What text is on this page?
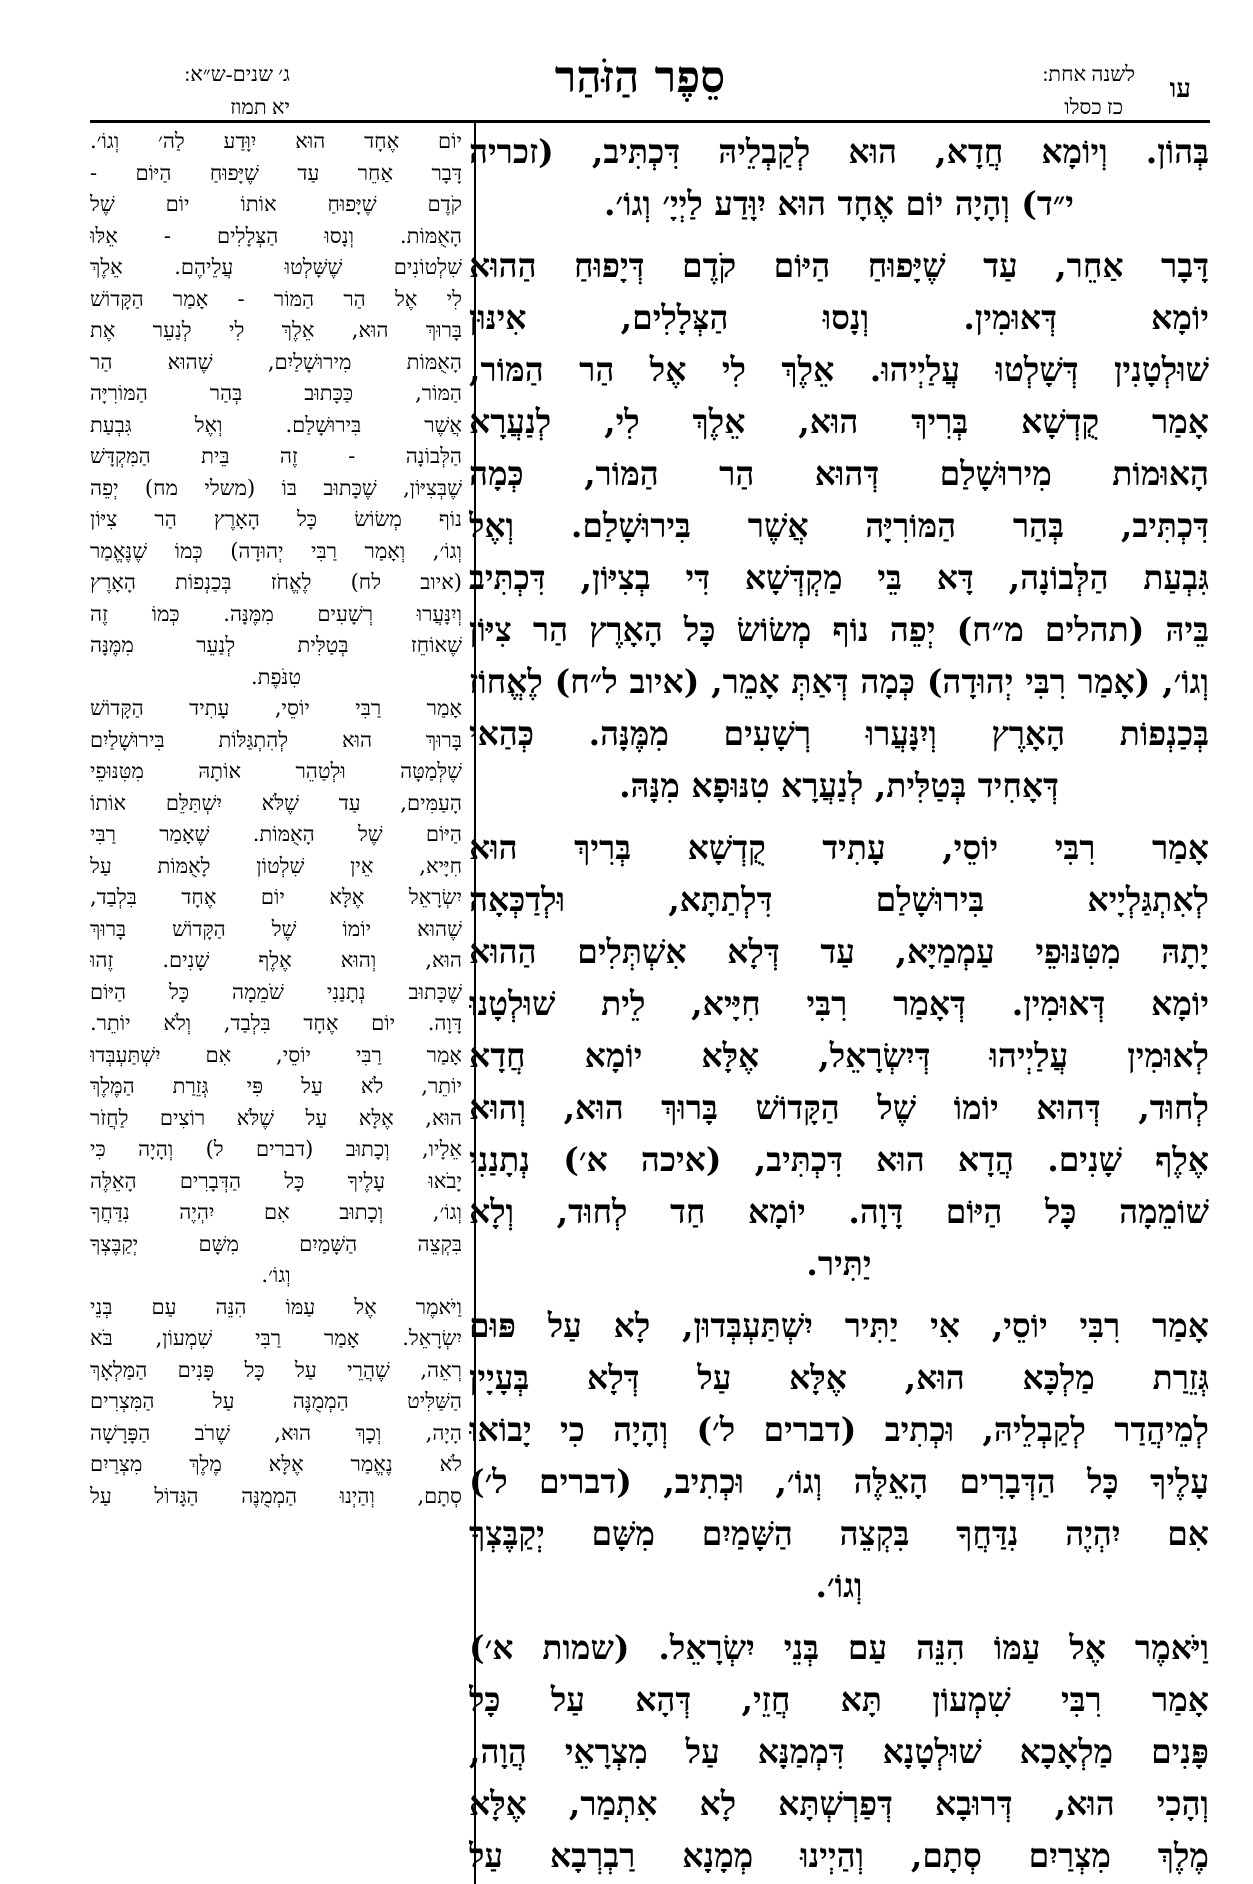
עו
לשנה אחת:
כז כסלו
סֵפֶר הַזֹּהַר
ג׳ שנים-ש״א:
יא תמוז
בְּהוֹן. וְיוֹמָא חֲדָא, הוּא לְקַבְלֵיהּ דִּכְתִּיב, (זכריה
י״ד) וְהָיָה יוֹם אֶחָד הוּא יִוָּדַע לַיְיָ׳ וְגוֹ׳.
דָּבָר אַחֵר, עַד שֶׁיָּפוּחַ הַיּוֹם קֹדֶם דְּיָפוּחַ הַהוּא
יוֹמָא דְּאוּמִין. וְנָסוּ הַצְּלָלִים, אִינּוּן
שׁוּלְטָנִין דְּשָׁלְטוּ עֲלַיְיהוּ. אֵלֶךְ לִי אֶל הַר הַמּוֹר,
אָמַר קֻדְשָׁא בְּרִיךְ הוּא, אֵלֶךְ לִי, לְנַעֲרָא
הָאוּמוֹת מִירוּשָׁלַם דְּהוּא הַר הַמּוֹר, כְּמָה
דִּכְתִּיב, בְּהַר הַמּוֹרִיָּה אֲשֶׁר בִּירוּשָׁלַם. וְאֶל
גִּבְעַת הַלְּבוֹנָה, דָּא בֵּי מַקְדְּשָׁא דִּי בְצִיּוֹן, דִּכְתִּיב
בֵּיהּ (תהלים מ״ח) יְפֵה נוֹף מְשׂוֹשׂ כָּל הָאָרֶץ הַר צִיּוֹן
וְגוֹ׳, (אָמַר רִבִּי יְהוּדָה) כְּמָה דְּאַתְּ אָמֵר, (איוב ל״ח) לֶאֱחוֹז
בְּכַנְפוֹת הָאָרֶץ וְיִנָּעֲרוּ רְשָׁעִים מִמֶּנָּה. כְּהַאי
דְּאָחִיד בְּטַלִּית, לְנַעֲרָא טִנּוּפָא מִנָּהּ.
אָמַר רִבִּי יוֹסֵי, עָתִיד קֻדְשָׁא בְּרִיךְ הוּא
לְאִתְגַּלְיָיא בִּירוּשָׁלַם דִּלְתַתָּא, וּלְדַכְּאָה
יָתָהּ מִטִּנּוּפֵי עַמְמַיָּא, עַד דְּלָא אִשְׁתְּלִים הַהוּא
יוֹמָא דְּאוּמִין. דְּאָמַר רִבִּי חִיָּיא, לֵית שׁוּלְטָנוּ
לְאוּמִין עֲלַיְיהוּ דְּיִשְׂרָאֵל, אֶלָּא יוֹמָא חֲדָא
לְחוּד, דְּהוּא יוֹמוֹ שֶׁל הַקָּדוֹשׁ בָּרוּךְ הוּא, וְהוּא
אֶלֶף שָׁנִים. הֲדָא הוּא דִּכְתִּיב, (איכה א׳) נְתָנַנִי
שׁוֹמֵמָה כָּל הַיּוֹם דָּוָה. יוֹמָא חַד לְחוּד, וְלָא
יַתִּיר.
אָמַר רִבִּי יוֹסֵי, אִי יַתִּיר יִשְׁתַּעְבְּדוּן, לָא עַל פּוּם
גְּזֵרַת מַלְכָּא הוּא, אֶלָּא עַל דְּלָא בְּעָיָין
לְמֵיהֲדַר לְקַבְלֵיהּ, וּכְתִיב (דברים ל׳) וְהָיָה כִי יָבוֹאוּ
עָלֶיךָ כָּל הַדְּבָרִים הָאֵלֶּה וְגוֹ׳, וּכְתִיב, (דברים ל׳)
אִם יִהְיֶה נִדַּחֲךָ בִּקְצֵה הַשָּׁמַיִם מִשָּׁם יְקַבֶּצְךָ
וְגוֹ׳.
וַיֹּאמֶר אֶל עַמּוֹ הִנֵּה עַם בְּנֵי יִשְׂרָאֵל. (שמות א׳)
אָמַר רִבִּי שִׁמְעוֹן תָּא חֲזֵי, דְּהָא עַל כָּל
פָּנִים מַלְאָכָא שׁוּלְטָנָא דִּמְמַנָּא עַל מִצְרָאֵי הֲוָה,
וְהָכִי הוּא, דְּרוּבָא דְּפַרְשְׁתָּא לָא אִתְמַר, אֶלָּא
מֶלֶךְ מִצְרַיִם סְתָם, וְהַיְינוּ מְמָנָא רַבְרְבָא עַל
יוֹם אֶחָד הוּא יִוָּדַע לַה׳ וְגוֹ׳.
דָּבָר אַחֵר עַד שֶׁיָּפוּחַ הַיּוֹם -
קֹדֶם שֶׁיָּפוּחַ אוֹתוֹ יוֹם שֶׁל
הָאֻמּוֹת. וְנָסוּ הַצְּלָלִים - אֵלּוּ
שִׁלְטוֹנִים שֶׁשָּׁלְטוּ עֲלֵיהֶם. אֵלֶךְ
לִי אֶל הַר הַמּוֹר - אָמַר הַקָּדוֹשׁ
בָּרוּךְ הוּא, אֵלֶךְ לִי לְנַעֵר אֶת
הָאֻמּוֹת מִירוּשָׁלַיִם, שֶׁהוּא הַר
הַמּוֹר, כַּכָּתוּב בְּהַר הַמּוֹרִיָּה
אֲשֶׁר בִּירוּשָׁלַם. וְאֶל גִּבְעַת
הַלְּבוֹנָה - זֶה בֵּית הַמִּקְדָּשׁ
שֶׁבְּצִיּוֹן, שֶׁכָּתוּב בּוֹ (משלי מח) יְפֵה
נוֹף מְשׂוֹשׂ כָּל הָאָרֶץ הַר צִיּוֹן
וְגוֹ׳, וְאָמַר רַבִּי יְהוּדָה) כְּמוֹ שֶׁנֶּאֱמַר
(איוב לח) לֶאֱחֹז בְּכַנְפוֹת הָאָרֶץ
וְיִנָּעֲרוּ רְשָׁעִים מִמֶּנָּה. כְּמוֹ זֶה
שֶׁאוֹחֵז בְּטַלִּית לְנַעֵר מִמֶּנָּה
טִנֹּפֶת.
אָמַר רַבִּי יוֹסֵי, עָתִיד הַקָּדוֹשׁ
בָּרוּךְ הוּא לְהִתְגַּלּוֹת בִּירוּשָׁלַיִם
שֶׁלְּמַטָּה וּלְטַהֵר אוֹתָהּ מִטִּנּוּפֵי
הָעַמִּים, עַד שֶׁלֹּא יִשְׁתַּלֵּם אוֹתוֹ
הַיּוֹם שֶׁל הָאֻמּוֹת. שֶׁאָמַר רַבִּי
חִיָּיא, אֵין שִׁלְטוֹן לָאֻמּוֹת עַל
יִשְׂרָאֵל אֶלָּא יוֹם אֶחָד בִּלְבַד,
שֶׁהוּא יוֹמוֹ שֶׁל הַקָּדוֹשׁ בָּרוּךְ
הוּא, וְהוּא אֶלֶף שָׁנִים. זֶהוּ
שֶׁכָּתוּב נְתָנַנִי שֹׁמֵמָה כָּל הַיּוֹם
דָּוָה. יוֹם אֶחָד בִּלְבַד, וְלֹא יוֹתֵר.
אָמַר רַבִּי יוֹסֵי, אִם יִשְׁתַּעְבְּדוּ
יוֹתֵר, לֹא עַל פִּי גְּזֵרַת הַמֶּלֶךְ
הוּא, אֶלָּא עַל שֶׁלֹּא רוֹצִים לַחֲזֹר
אֵלָיו, וְכָתוּב (דברים ל) וְהָיָה כִּי
יָבֹאוּ עָלֶיךָ כָּל הַדְּבָרִים הָאֵלֶּה
וְגוֹ׳, וְכָתוּב אִם יִהְיֶה נִדַּחֲךָ
בִּקְצֵה הַשָּׁמַיִם מִשָּׁם יְקַבֶּצְךָ
וְגוֹ׳.
וַיֹּאמֶר אֶל עַמּוֹ הִנֵּה עַם בְּנֵי
יִשְׂרָאֵל. אָמַר רַבִּי שִׁמְעוֹן, בֹּא
רְאֵה, שֶׁהֲרֵי עַל כָּל פָּנִים הַמַּלְאָךְ
הַשַּׁלִּיט הַמְמֻנֶּה עַל הַמִּצְרִים
הָיָה, וְכָךְ הוּא, שֶׁרֹב הַפָּרָשָׁה
לֹא נֶאֱמַר אֶלָּא מֶלֶךְ מִצְרַיִם
סְתָם, וְהַיְנוּ הַמְמֻנֶּה הַגָּדוֹל עַל
